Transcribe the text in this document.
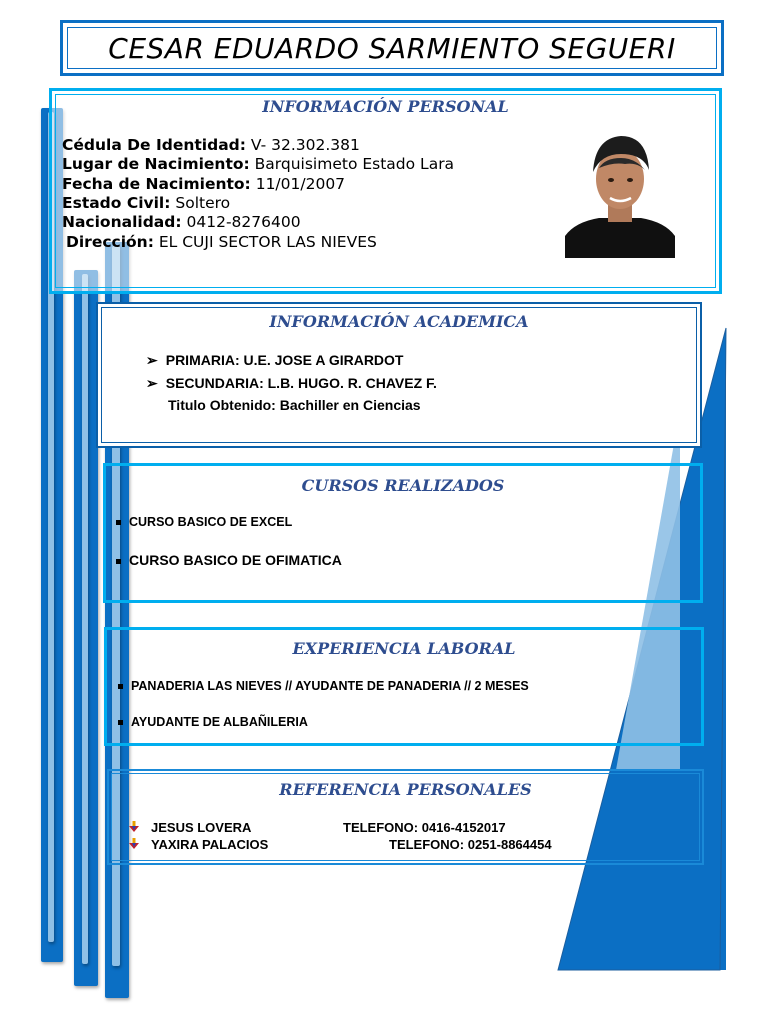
CESAR EDUARDO SARMIENTO SEGUERI
INFORMACIÓN PERSONAL
Cédula De Identidad: V- 32.302.381
Lugar de Nacimiento: Barquisimeto Estado Lara
Fecha de Nacimiento: 11/01/2007
Estado Civil: Soltero
Nacionalidad: 0412-8276400
Dirección: EL CUJI SECTOR LAS NIEVES
INFORMACIÓN ACADEMICA
➢ PRIMARIA: U.E. JOSE A GIRARDOT
➢ SECUNDARIA: L.B. HUGO. R. CHAVEZ F.
Titulo Obtenido: Bachiller en Ciencias
CURSOS REALIZADOS
CURSO BASICO DE EXCEL
CURSO BASICO DE OFIMATICA
EXPERIENCIA LABORAL
PANADERIA LAS NIEVES // AYUDANTE DE PANADERIA // 2 MESES
AYUDANTE DE ALBAÑILERIA
REFERENCIA PERSONALES
JESUS LOVERA	TELEFONO: 0416-4152017
YAXIRA PALACIOS	TELEFONO: 0251-8864454
